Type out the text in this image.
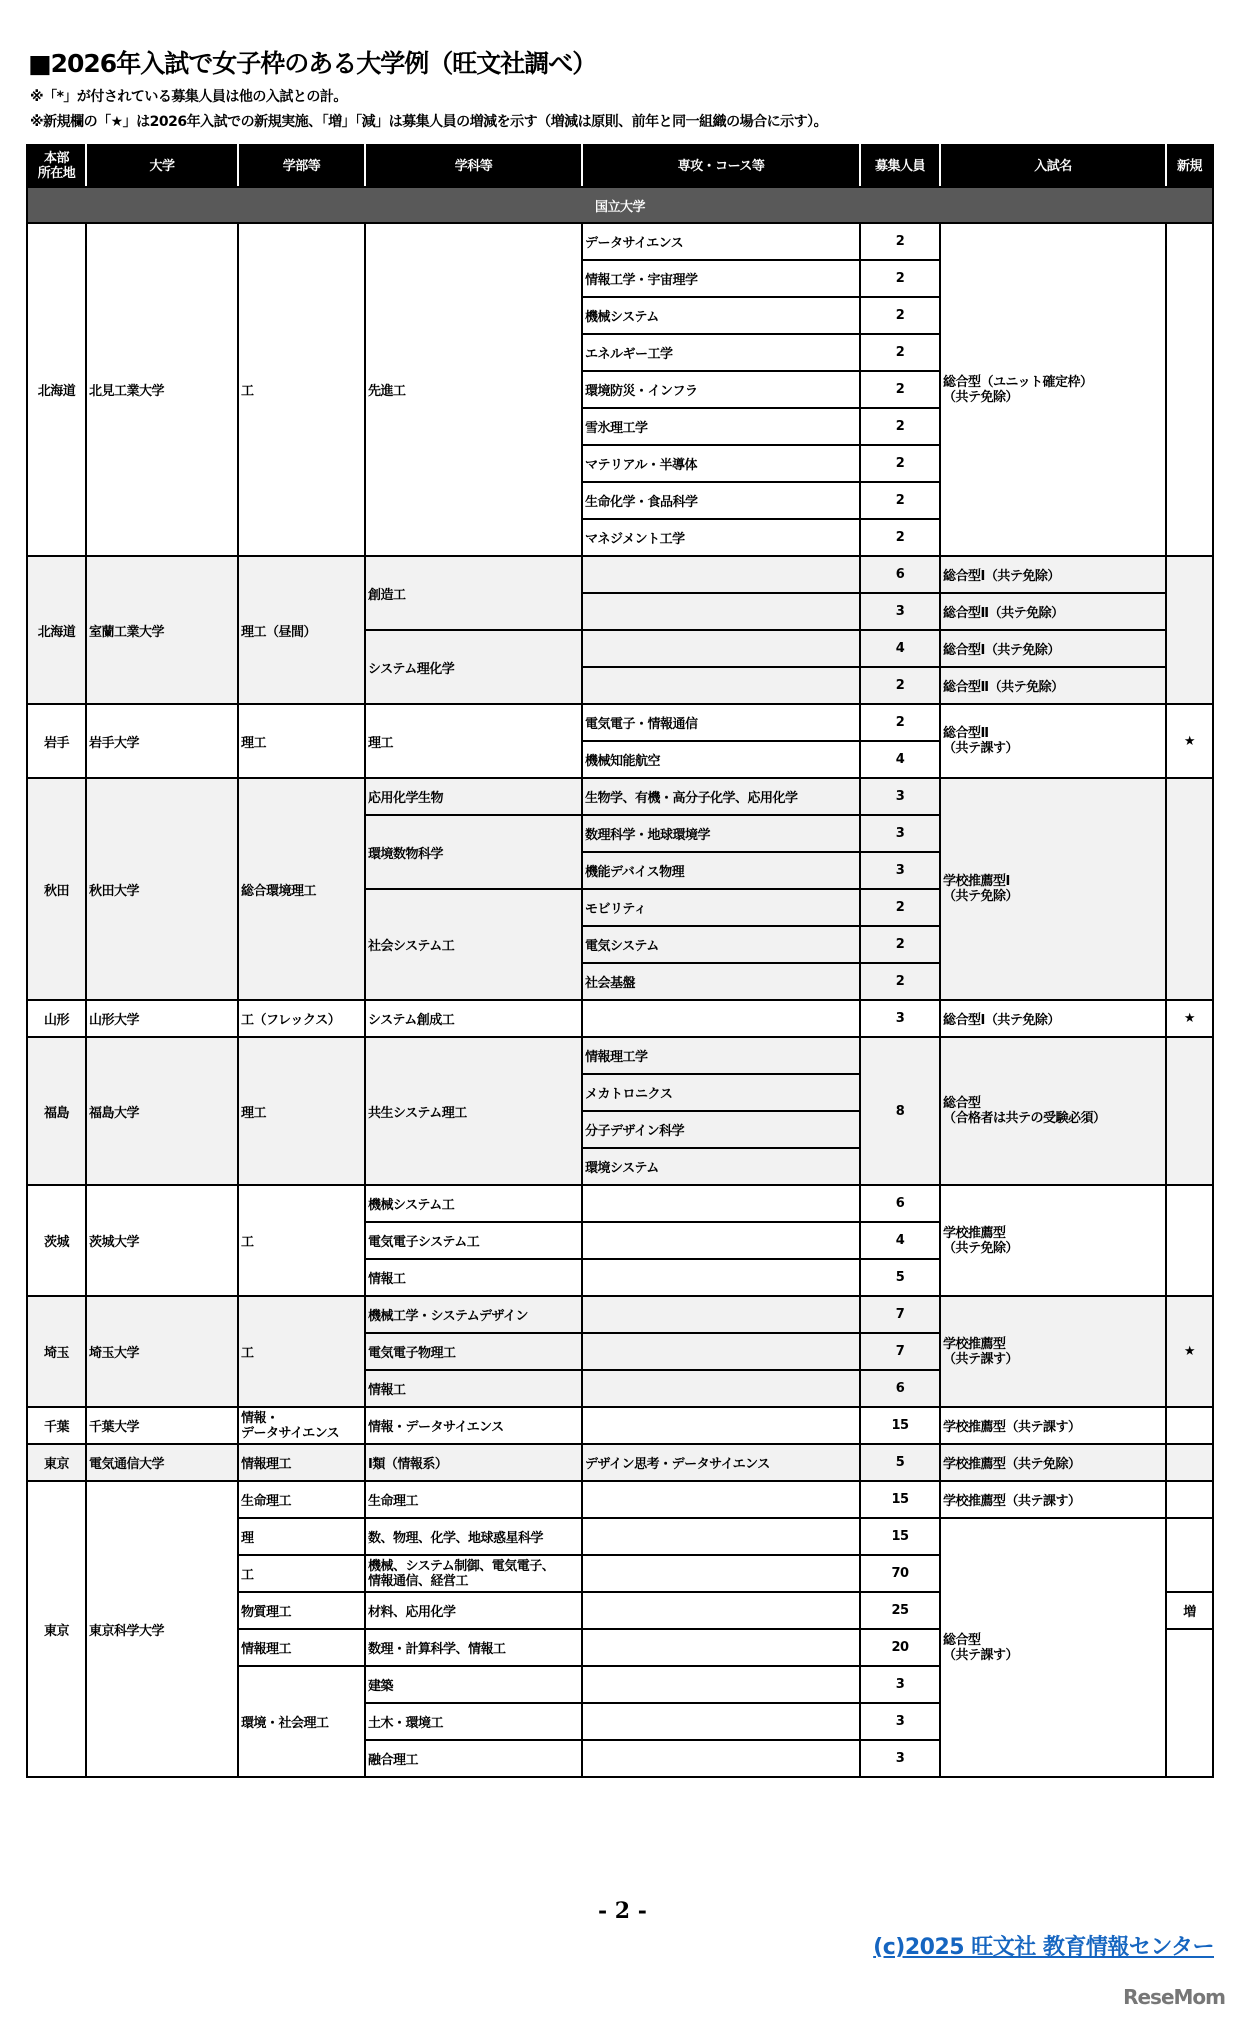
■2026年入試で女子枠のある大学例（旺文社調べ）
※「*」が付されている募集人員は他の入試との計。
※新規欄の「★」は2026年入試での新規実施、「増」「減」は募集人員の増減を示す（増減は原則、前年と同一組織の場合に示す）。
本部
所在地	大学	学部等	学科等	専攻・コース等	募集人員	入試名	新規
国立大学							
北海道	北見工業大学	工	先進工	データサイエンス	2	総合型（ユニット確定枠）
（共テ免除）	
				情報工学・宇宙理学	2		
				機械システム	2		
				エネルギー工学	2		
				環境防災・インフラ	2		
				雪氷理工学	2		
				マテリアル・半導体	2		
				生命化学・食品科学	2		
				マネジメント工学	2		
北海道	室蘭工業大学	理工（昼間）	創造工		6	総合型Ⅰ（共テ免除）	
					3	総合型Ⅱ（共テ免除）	
			システム理化学		4	総合型Ⅰ（共テ免除）	
					2	総合型Ⅱ（共テ免除）	
岩手	岩手大学	理工	理工	電気電子・情報通信	2	総合型Ⅱ
（共テ課す）	★
				機械知能航空	4		
秋田	秋田大学	総合環境理工	応用化学生物	生物学、有機・高分子化学、応用化学	3	学校推薦型Ⅰ
（共テ免除）	
			環境数物科学	数理科学・地球環境学	3		
				機能デバイス物理	3		
			社会システム工	モビリティ	2		
				電気システム	2		
				社会基盤	2		
山形	山形大学	工（フレックス）	システム創成工		3	総合型Ⅰ（共テ免除）	★
福島	福島大学	理工	共生システム理工	情報理工学	8	総合型
（合格者は共テの受験必須）	
				メカトロニクス			
				分子デザイン科学			
				環境システム			
茨城	茨城大学	工	機械システム工		6	学校推薦型
（共テ免除）	
			電気電子システム工		4		
			情報工		5		
埼玉	埼玉大学	工	機械工学・システムデザイン		7	学校推薦型
（共テ課す）	★
			電気電子物理工		7		
			情報工		6		
千葉	千葉大学	情報・
データサイエンス	情報・データサイエンス		15	学校推薦型（共テ課す）	
東京	電気通信大学	情報理工	Ⅰ類（情報系）	デザイン思考・データサイエンス	5	学校推薦型（共テ免除）	
東京	東京科学大学	生命理工	生命理工		15	学校推薦型（共テ課す）	
		理	数、物理、化学、地球惑星科学		15	総合型
（共テ課す）	
		工	機械、システム制御、電気電子、
情報通信、経営工		70		
		物質理工	材料、応用化学		25		増
		情報理工	数理・計算科学、情報工		20		
		環境・社会理工	建築		3		
			土木・環境工		3		
			融合理工		3		
- 2 -
(c)2025 旺文社 教育情報センター
ReseMom
